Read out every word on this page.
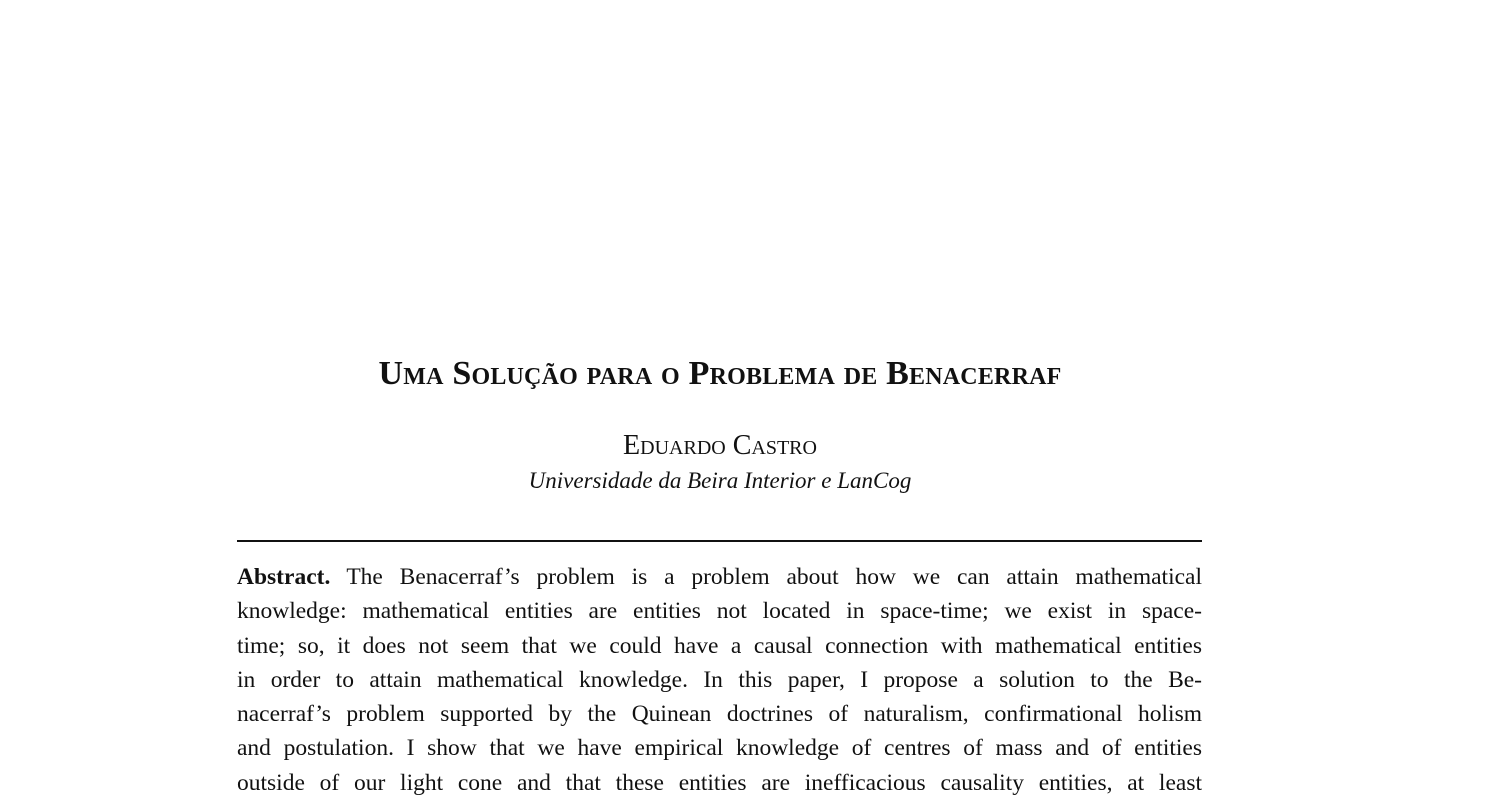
Uma Solução para o Problema de Benacerraf
Eduardo Castro
Universidade da Beira Interior e LanCog
Abstract. The Benacerraf’s problem is a problem about how we can attain mathematical
knowledge: mathematical entities are entities not located in space-time; we exist in space-
time; so, it does not seem that we could have a causal connection with mathematical entities
in order to attain mathematical knowledge. In this paper, I propose a solution to the Be-
nacerraf’s problem supported by the Quinean doctrines of naturalism, confirmational holism
and postulation. I show that we have empirical knowledge of centres of mass and of entities
outside of our light cone and that these entities are inefficacious causality entities, at least
